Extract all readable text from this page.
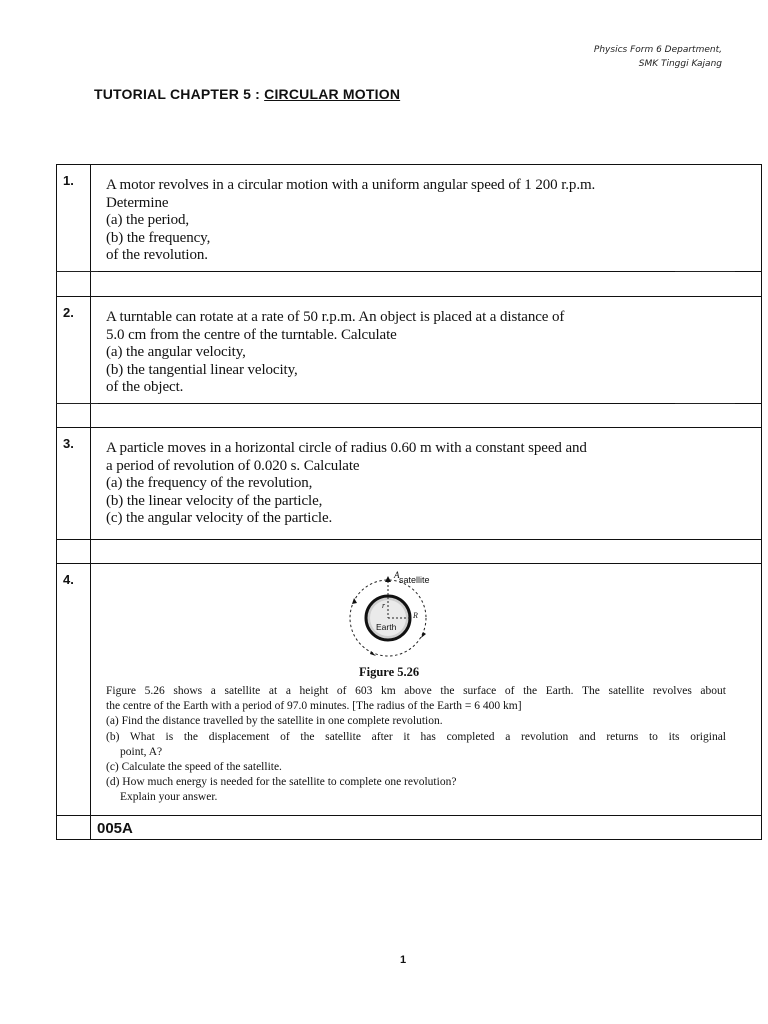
Physics Form 6 Department,
SMK Tinggi Kajang
TUTORIAL CHAPTER 5 : CIRCULAR MOTION
1. A motor revolves in a circular motion with a uniform angular speed of 1 200 r.p.m.
Determine
(a) the period,
(b) the frequency,
of the revolution.
2. A turntable can rotate at a rate of 50 r.p.m. An object is placed at a distance of
5.0 cm from the centre of the turntable. Calculate
(a) the angular velocity,
(b) the tangential linear velocity,
of the object.
3. A particle moves in a horizontal circle of radius 0.60 m with a constant speed and
a period of revolution of 0.020 s. Calculate
(a) the frequency of the revolution,
(b) the linear velocity of the particle,
(c) the angular velocity of the particle.
4.	satellite
A
r
R
Earth
Figure 5.26
Figure 5.26 shows a satellite at a height of 603 km above the surface of the Earth. The satellite revolves about
the centre of the Earth with a period of 97.0 minutes. [The radius of the Earth = 6 400 km]
(a) Find the distance travelled by the satellite in one complete revolution.
(b) What is the displacement of the satellite after it has completed a revolution and returns to its original
point, A?
(c) Calculate the speed of the satellite.
(d) How much energy is needed for the satellite to complete one revolution?
Explain your answer.
005A
1
